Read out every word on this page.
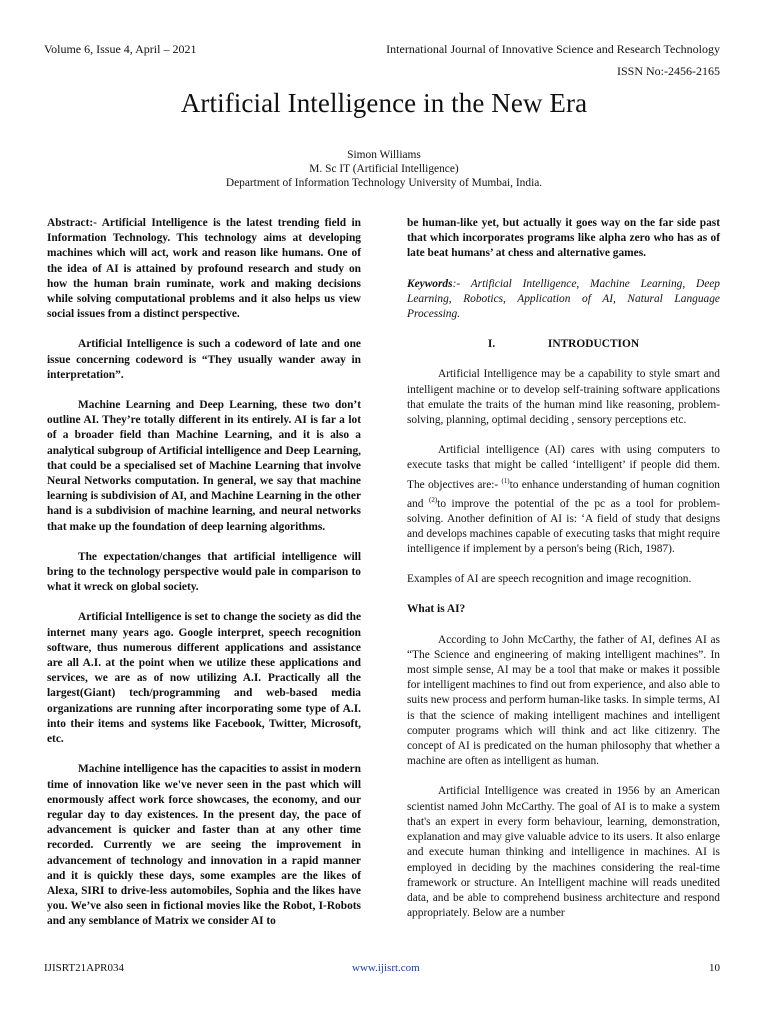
Volume 6, Issue 4, April – 2021	International Journal of Innovative Science and Research Technology
ISSN No:-2456-2165
Artificial Intelligence in the New Era
Simon Williams
M. Sc IT (Artificial Intelligence)
Department of Information Technology University of Mumbai, India.

Abstract:- Artificial Intelligence is the latest trending field in Information Technology. This technology aims at developing machines which will act, work and reason like humans. One of the idea of AI is attained by profound research and study on how the human brain ruminate, work and making decisions while solving computational problems and it also helps us view social issues from a distinct perspective.

Artificial Intelligence is such a codeword of late and one issue concerning codeword is “They usually wander away in interpretation”.

Machine Learning and Deep Learning, these two don’t outline AI. They’re totally different in its entirely. AI is far a lot of a broader field than Machine Learning, and it is also a analytical subgroup of Artificial intelligence and Deep Learning, that could be a specialised set of Machine Learning that involve Neural Networks computation. In general, we say that machine learning is subdivision of AI, and Machine Learning in the other hand is a subdivision of machine learning, and neural networks that make up the foundation of deep learning algorithms.

The expectation/changes that artificial intelligence will bring to the technology perspective would pale in comparison to what it wreck on global society.

Artificial Intelligence is set to change the society as did the internet many years ago. Google interpret, speech recognition software, thus numerous different applications and assistance are all A.I. at the point when we utilize these applications and services, we are as of now utilizing A.I. Practically all the largest(Giant) tech/programming and web-based media organizations are running after incorporating some type of A.I. into their items and systems like Facebook, Twitter, Microsoft, etc.

Machine intelligence has the capacities to assist in modern time of innovation like we've never seen in the past which will enormously affect work force showcases, the economy, and our regular day to day existences. In the present day, the pace of advancement is quicker and faster than at any other time recorded. Currently we are seeing the improvement in advancement of technology and innovation in a rapid manner and it is quickly these days, some examples are the likes of Alexa, SIRI to drive-less automobiles, Sophia and the likes have you. We’ve also seen in fictional movies like the Robot, I-Robots and any semblance of Matrix we consider AI to

be human-like yet, but actually it goes way on the far side past that which incorporates programs like alpha zero who has as of late beat humans’ at chess and alternative games.

Keywords:- Artificial Intelligence, Machine Learning, Deep Learning, Robotics, Application of AI, Natural Language Processing.

I.	INTRODUCTION

Artificial Intelligence may be a capability to style smart and intelligent machine or to develop self-training software applications that emulate the traits of the human mind like reasoning, problem-solving, planning, optimal deciding , sensory perceptions etc.

Artificial intelligence (AI) cares with using computers to execute tasks that might be called ‘intelligent’ if people did them. The objectives are:- $^{(1)}$to enhance understanding of human cognition and $^{(2)}$to improve the potential of the pc as a tool for problem-solving. Another definition of AI is: ‘A field of study that designs and develops machines capable of executing tasks that might require intelligence if implement by a person's being (Rich, 1987).

Examples of AI are speech recognition and image recognition.

What is AI?

According to John McCarthy, the father of AI, defines AI as “The Science and engineering of making intelligent machines”. In most simple sense, AI may be a tool that make or makes it possible for intelligent machines to find out from experience, and also able to suits new process and perform human-like tasks. In simple terms, AI is that the science of making intelligent machines and intelligent computer programs which will think and act like citizenry. The concept of AI is predicated on the human philosophy that whether a machine are often as intelligent as human.

Artificial Intelligence was created in 1956 by an American scientist named John McCarthy. The goal of AI is to make a system that's an expert in every form behaviour, learning, demonstration, explanation and may give valuable advice to its users. It also enlarge and execute human thinking and intelligence in machines. AI is employed in deciding by the machines considering the real-time framework or structure. An Intelligent machine will reads unedited data, and be able to comprehend business architecture and respond appropriately. Below are a number

IJISRT21APR034	www.ijisrt.com	10
